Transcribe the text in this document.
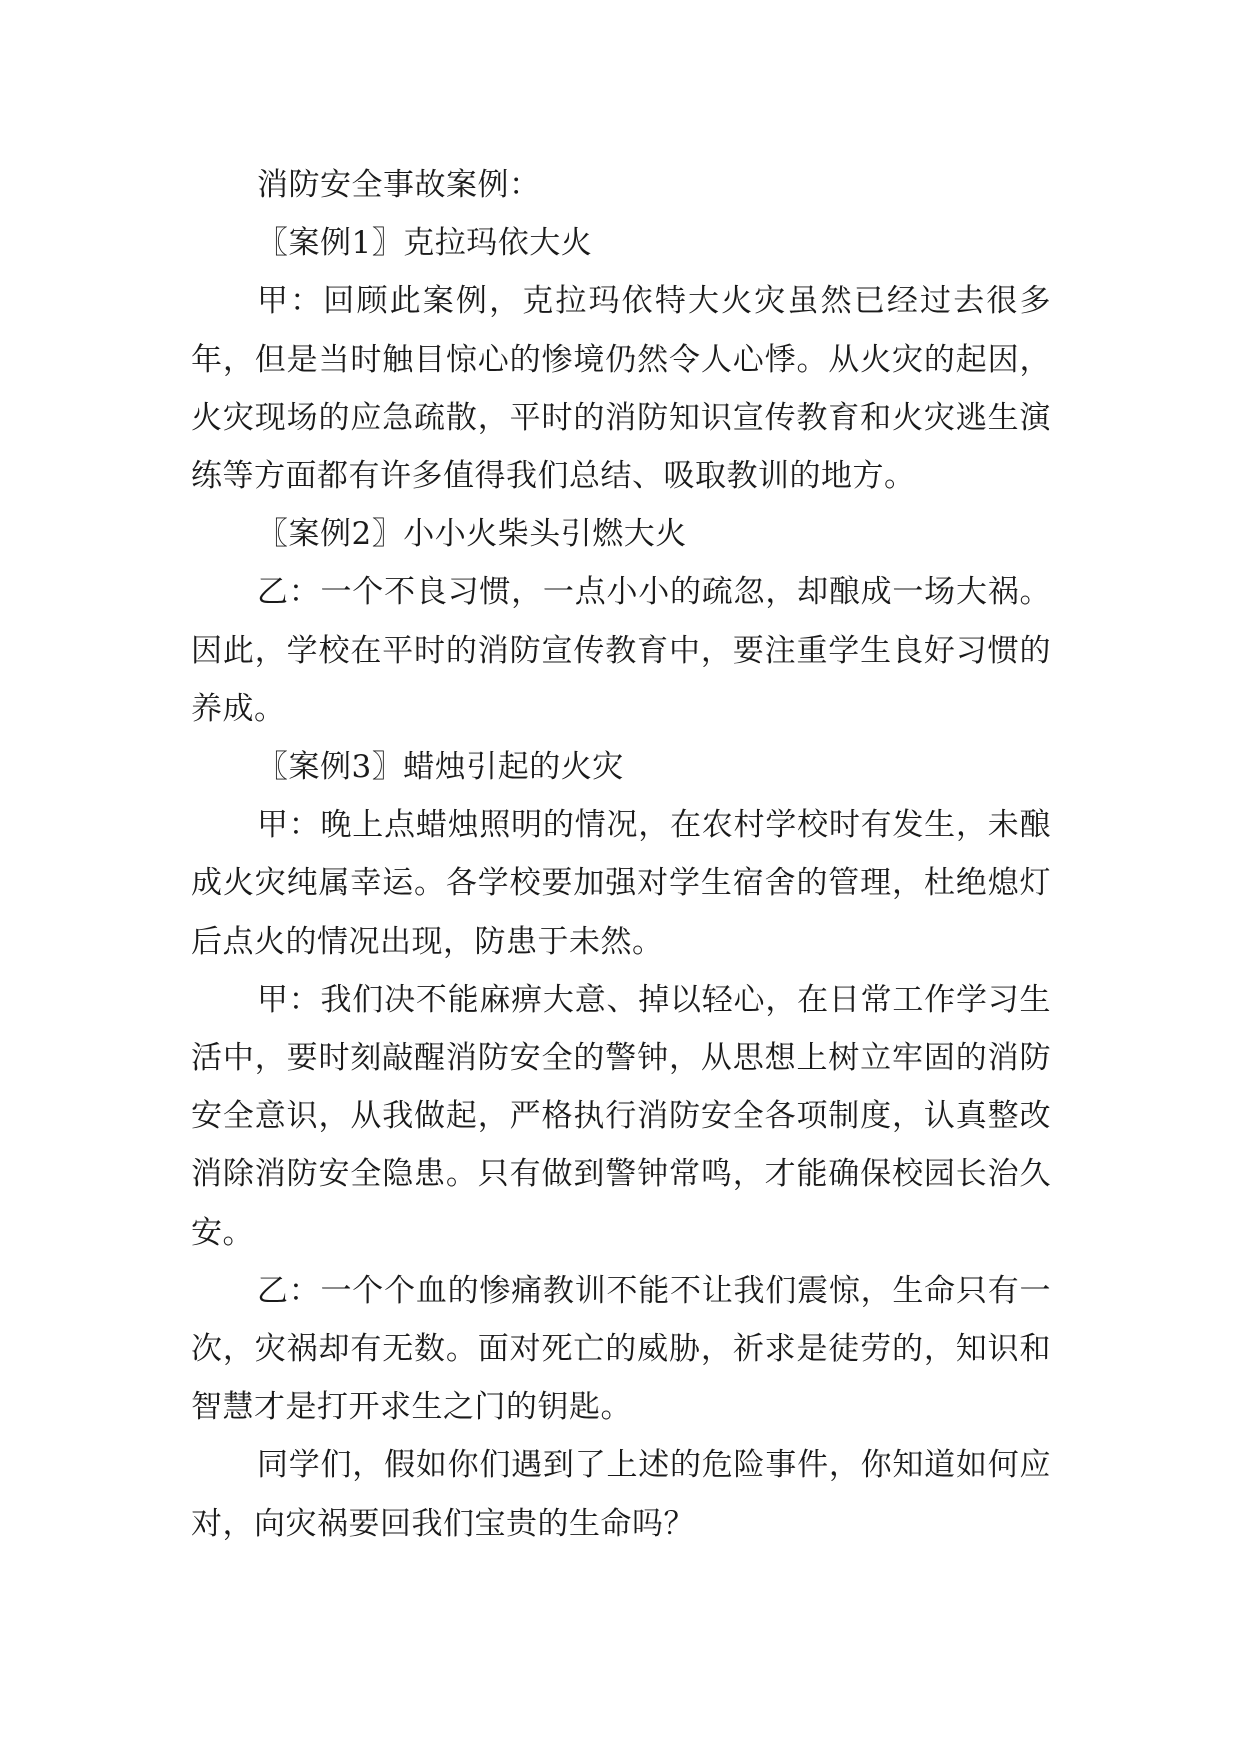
消防安全事故案例：

〖案例1〗克拉玛依大火

甲：回顾此案例，克拉玛依特大火灾虽然已经过去很多年，但是当时触目惊心的惨境仍然令人心悸。从火灾的起因，火灾现场的应急疏散，平时的消防知识宣传教育和火灾逃生演练等方面都有许多值得我们总结、吸取教训的地方。

〖案例2〗小小火柴头引燃大火

乙：一个不良习惯，一点小小的疏忽，却酿成一场大祸。因此，学校在平时的消防宣传教育中，要注重学生良好习惯的养成。

〖案例3〗蜡烛引起的火灾

甲：晚上点蜡烛照明的情况，在农村学校时有发生，未酿成火灾纯属幸运。各学校要加强对学生宿舍的管理，杜绝熄灯后点火的情况出现，防患于未然。

甲：我们决不能麻痹大意、掉以轻心，在日常工作学习生活中，要时刻敲醒消防安全的警钟，从思想上树立牢固的消防安全意识，从我做起，严格执行消防安全各项制度，认真整改消除消防安全隐患。只有做到警钟常鸣，才能确保校园长治久安。

乙：一个个血的惨痛教训不能不让我们震惊，生命只有一次，灾祸却有无数。面对死亡的威胁，祈求是徒劳的，知识和智慧才是打开求生之门的钥匙。

同学们，假如你们遇到了上述的危险事件，你知道如何应对，向灾祸要回我们宝贵的生命吗？
